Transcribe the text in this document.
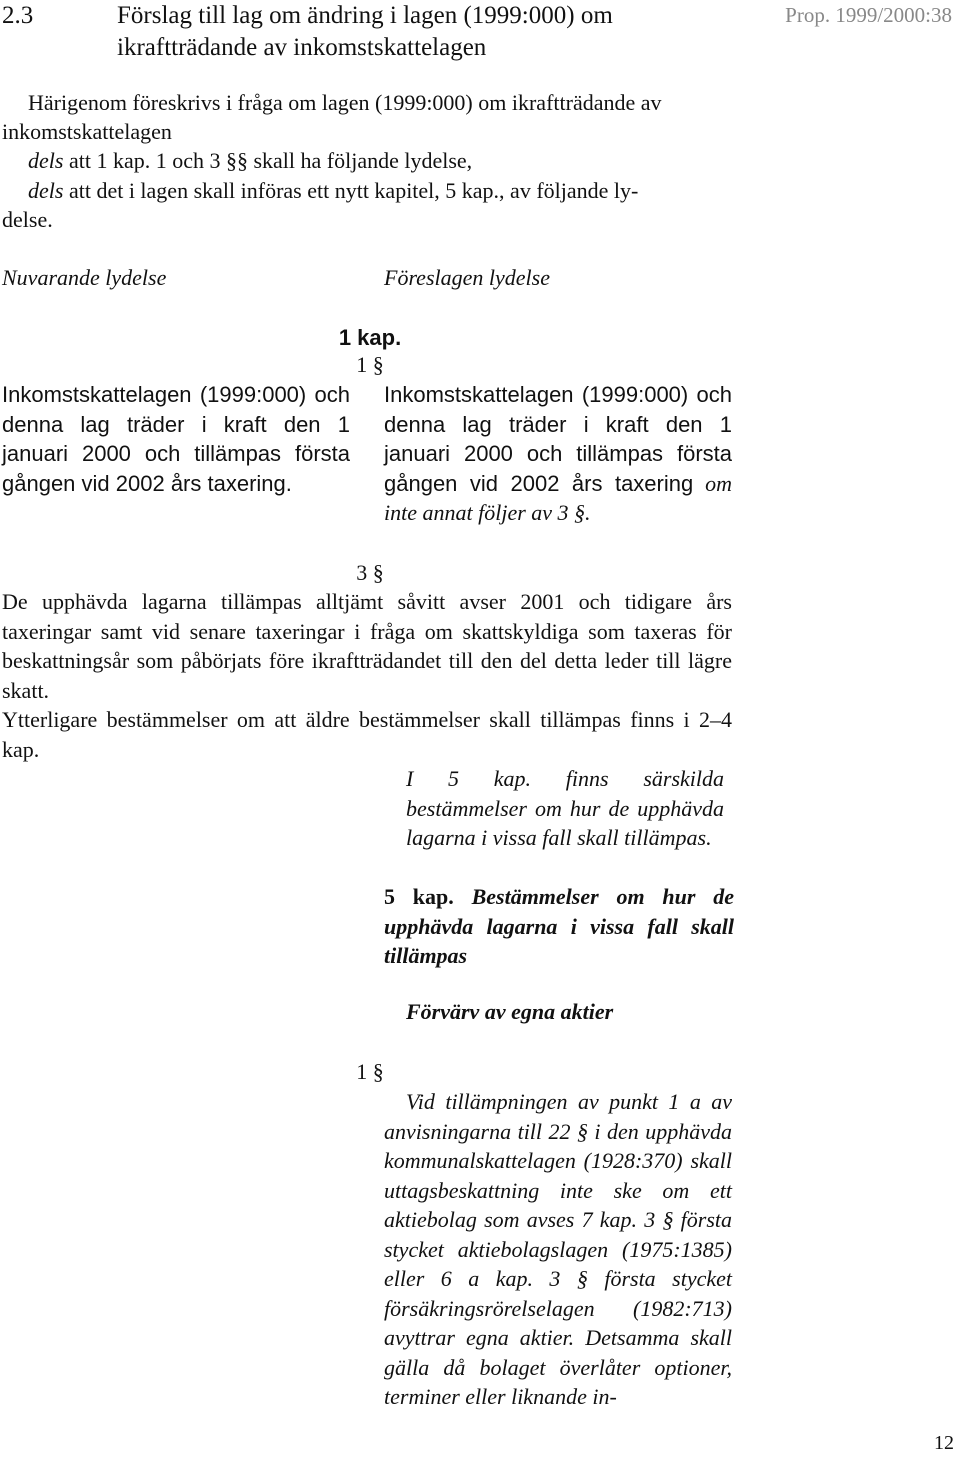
2.3	Förslag till lag om ändring i lagen (1999:000) om ikraftträdande av inkomstskattelagen
Prop. 1999/2000:38
Härigenom föreskrivs i fråga om lagen (1999:000) om ikraftträdande av
inkomstskattelagen
dels att 1 kap. 1 och 3 §§ skall ha följande lydelse,
dels att det i lagen skall införas ett nytt kapitel, 5 kap., av följande ly-
delse.
Nuvarande lydelse	Föreslagen lydelse
1 kap.
1 §
Inkomstskattelagen (1999:000) och denna lag träder i kraft den 1 januari 2000 och tillämpas första gången vid 2002 års taxering.
Inkomstskattelagen (1999:000) och denna lag träder i kraft den 1 januari 2000 och tillämpas första gången vid 2002 års taxering om inte annat följer av 3 §.
3 §
De upphävda lagarna tillämpas alltjämt såvitt avser 2001 och tidigare års taxeringar samt vid senare taxeringar i fråga om skattskyldiga som taxeras för beskattningsår som påbörjats före ikraftträdandet till den del detta leder till lägre skatt.
Ytterligare bestämmelser om att äldre bestämmelser skall tillämpas finns i 2–4 kap.
I 5 kap. finns särskilda bestämmelser om hur de upphävda lagarna i vissa fall skall tillämpas.
5 kap. Bestämmelser om hur de upphävda lagarna i vissa fall skall tillämpas
Förvärv av egna aktier
1 §
Vid tillämpningen av punkt 1 a av anvisningarna till 22 § i den upphävda kommunalskattelagen (1928:370) skall uttagsbeskattning inte ske om ett aktiebolag som avses 7 kap. 3 § första stycket aktiebolagslagen (1975:1385) eller 6 a kap. 3 § första stycket försäkringsrörelselagen (1982:713) avyttrar egna aktier. Detsamma skall gälla då bolaget överlåter optioner, terminer eller liknande in-
12
